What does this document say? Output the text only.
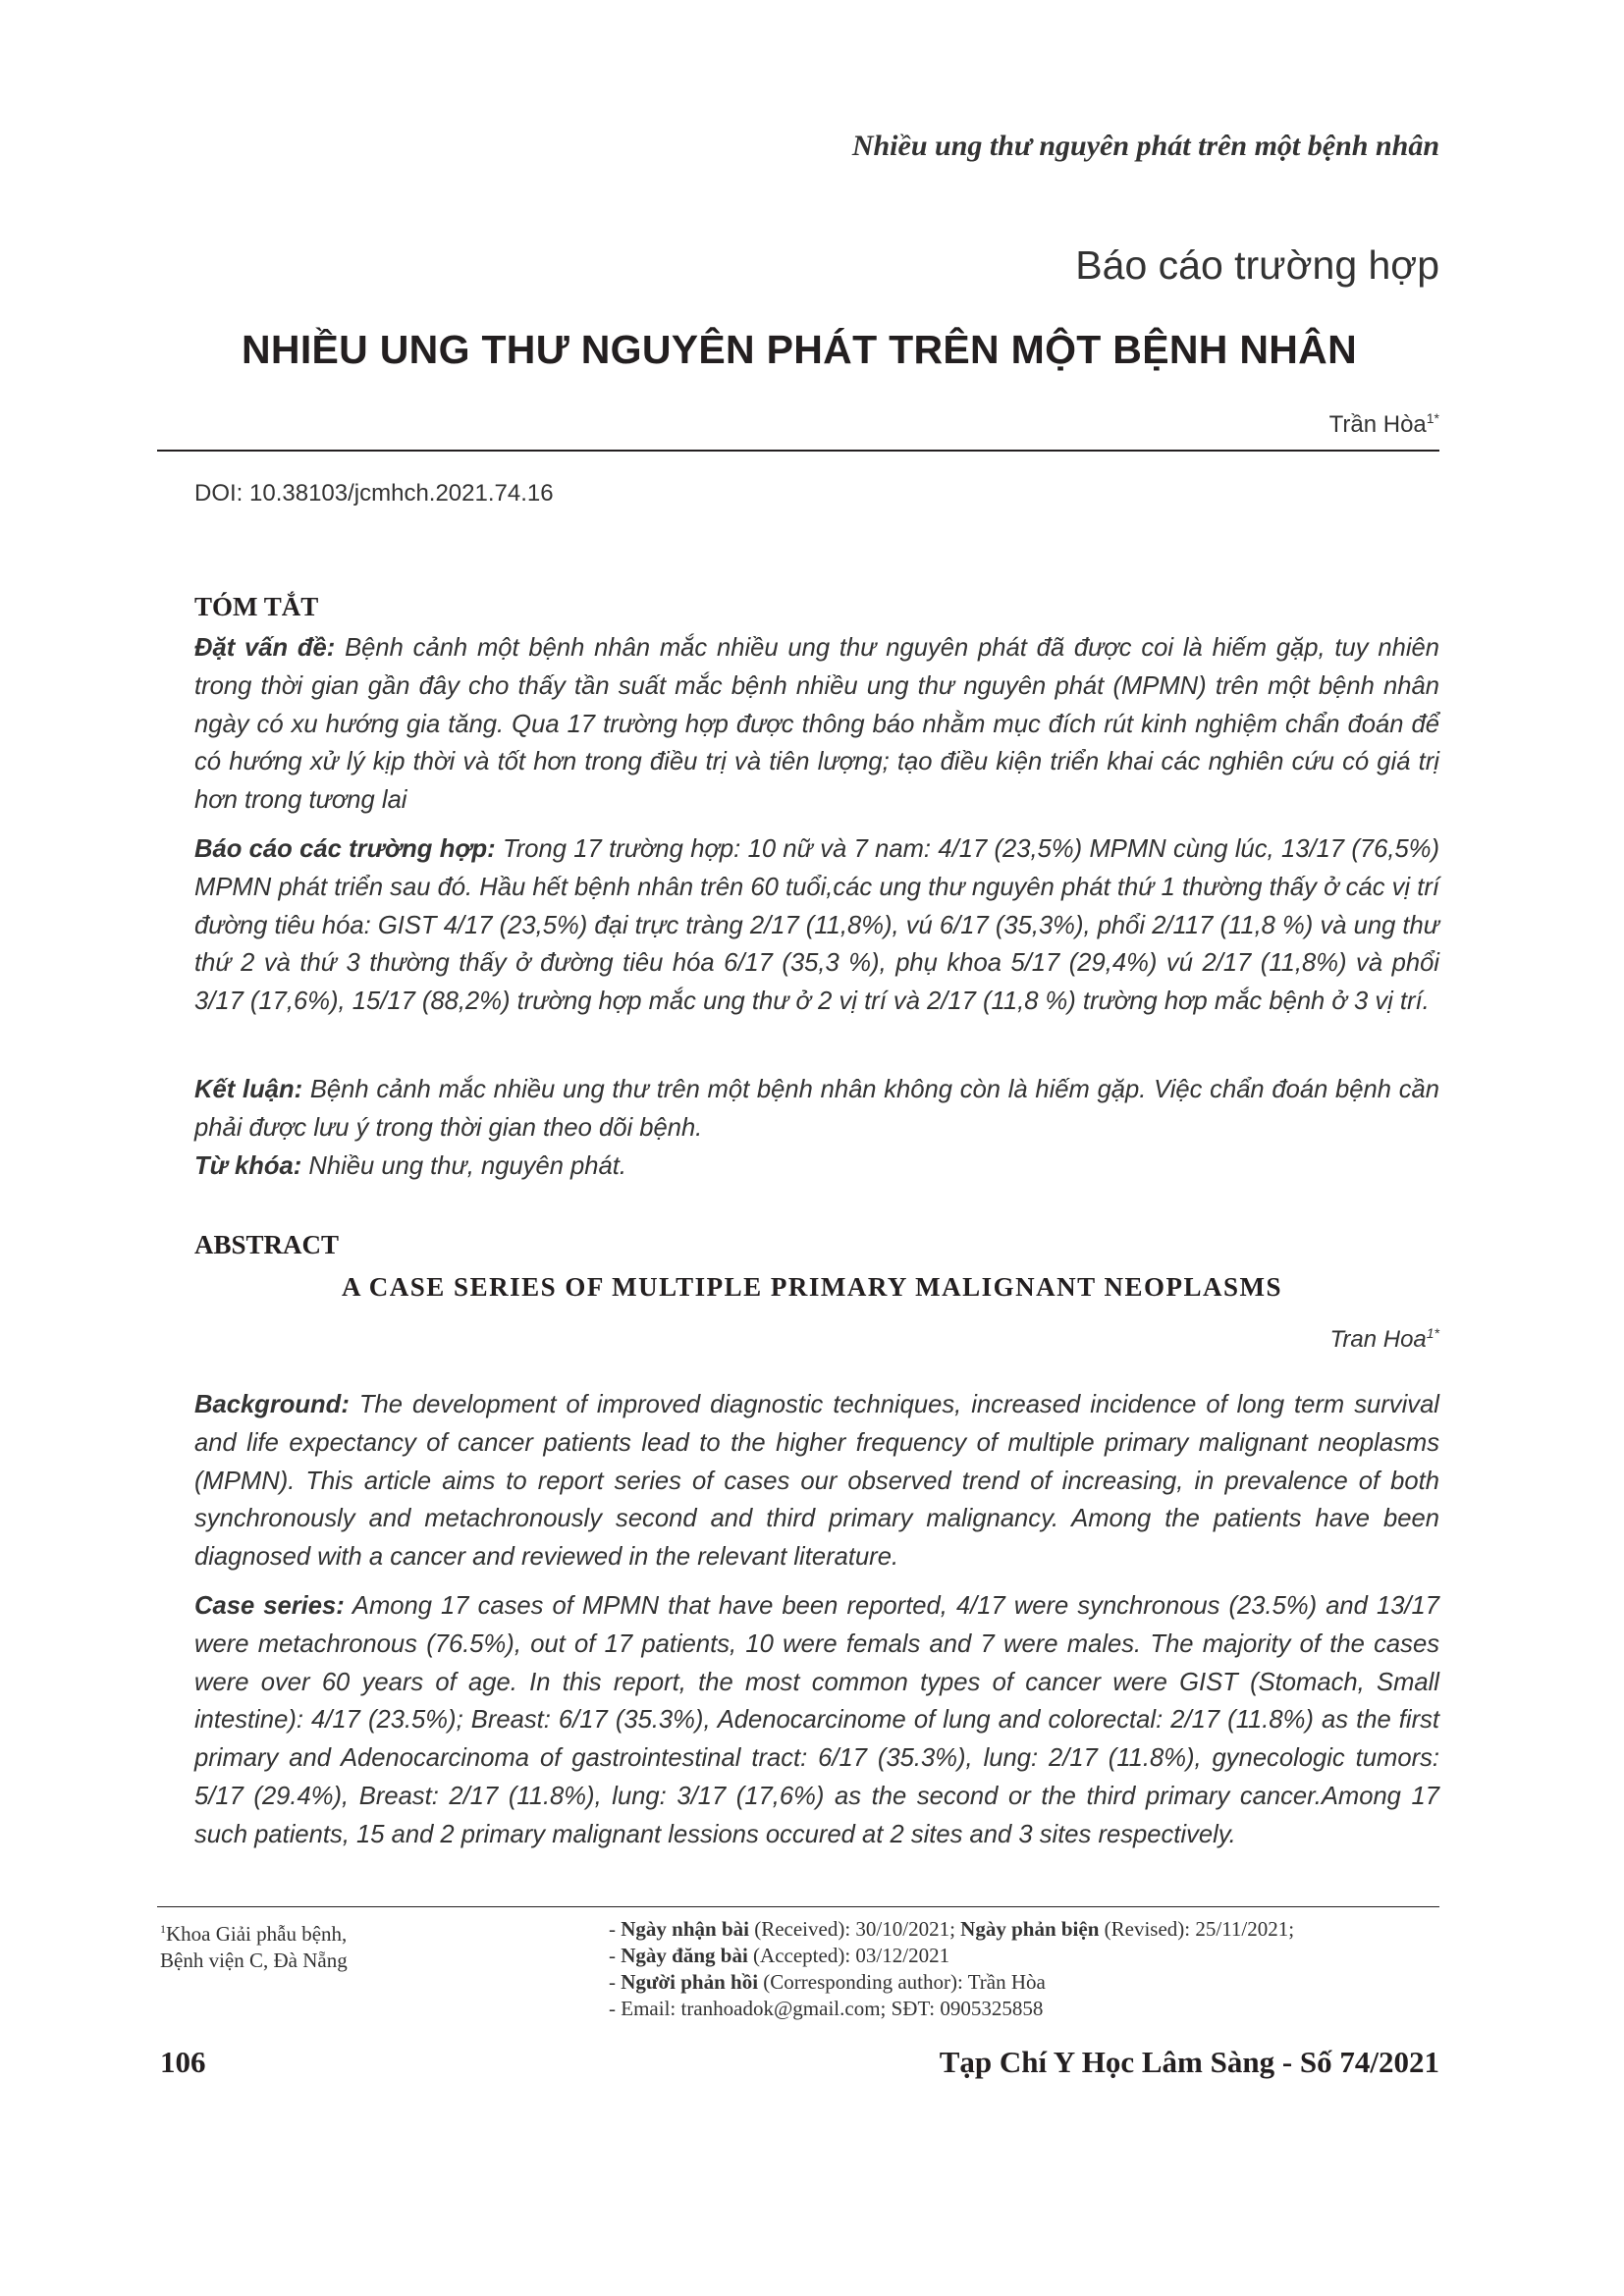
Nhiều ung thư nguyên phát trên một bệnh nhân
Báo cáo trường hợp
NHIỀU UNG THƯ NGUYÊN PHÁT TRÊN MỘT BỆNH NHÂN
Trần Hòa$^{1*}$
DOI: 10.38103/jcmhch.2021.74.16
TÓM TẮT

Đặt vấn đề: Bệnh cảnh một bệnh nhân mắc nhiều ung thư nguyên phát đã được coi là hiếm gặp, tuy nhiên trong thời gian gần đây cho thấy tần suất mắc bệnh nhiều ung thư nguyên phát (MPMN) trên một bệnh nhân ngày có xu hướng gia tăng. Qua 17 trường hợp được thông báo nhằm mục đích rút kinh nghiệm chẩn đoán để có hướng xử lý kịp thời và tốt hơn trong điều trị và tiên lượng; tạo điều kiện triển khai các nghiên cứu có giá trị hơn trong tương lai

Báo cáo các trường hợp: Trong 17 trường hợp: 10 nữ và 7 nam: 4/17 (23,5%) MPMN cùng lúc, 13/17 (76,5%) MPMN phát triển sau đó. Hầu hết bệnh nhân trên 60 tuổi,các ung thư nguyên phát thứ 1 thường thấy ở các vị trí đường tiêu hóa: GIST 4/17 (23,5%) đại trực tràng 2/17 (11,8%), vú 6/17 (35,3%), phổi 2/117 (11,8 %) và ung thư thứ 2 và thứ 3 thường thấy ở đường tiêu hóa 6/17 (35,3 %), phụ khoa 5/17 (29,4%) vú 2/17 (11,8%) và phổi 3/17 (17,6%), 15/17 (88,2%) trường hợp mắc ung thư ở 2 vị trí và 2/17 (11,8 %) trường hơp mắc bệnh ở 3 vị trí.

Kết luận: Bệnh cảnh mắc nhiều ung thư trên một bệnh nhân không còn là hiếm gặp. Việc chẩn đoán bệnh cần phải được lưu ý trong thời gian theo dõi bệnh.

Từ khóa: Nhiều ung thư, nguyên phát.

ABSTRACT
A CASE SERIES OF MULTIPLE PRIMARY MALIGNANT NEOPLASMS
Tran Hoa$^{1*}$

Background: The development of improved diagnostic techniques, increased incidence of long term survival and life expectancy of cancer patients lead to the higher frequency of multiple primary malignant neoplasms (MPMN). This article aims to report series of cases our observed trend of increasing, in prevalence of both synchronously and metachronously second and third primary malignancy. Among the patients have been diagnosed with a cancer and reviewed in the relevant literature.

Case series: Among 17 cases of MPMN that have been reported, 4/17 were synchronous (23.5%) and 13/17 were metachronous (76.5%), out of 17 patients, 10 were femals and 7 were males. The majority of the cases were over 60 years of age. In this report, the most common types of cancer were GIST (Stomach, Small intestine): 4/17 (23.5%); Breast: 6/17 (35.3%), Adenocarcinome of lung and colorectal: 2/17 (11.8%) as the first primary and Adenocarcinoma of gastrointestinal tract: 6/17 (35.3%), lung: 2/17 (11.8%), gynecologic tumors: 5/17 (29.4%), Breast: 2/17 (11.8%), lung: 3/17 (17,6%) as the second or the third primary cancer.Among 17 such patients, 15 and 2 primary malignant lessions occured at 2 sites and 3 sites respectively.

$^1$Khoa Giải phẫu bệnh,
Bệnh viện C, Đà Nẵng
- Ngày nhận bài (Received): 30/10/2021; Ngày phản biện (Revised): 25/11/2021;
- Ngày đăng bài (Accepted): 03/12/2021
- Người phản hồi (Corresponding author): Trần Hòa
- Email: tranhoadok@gmail.com; SĐT: 0905325858
106	Tạp Chí Y Học Lâm Sàng - Số 74/2021
